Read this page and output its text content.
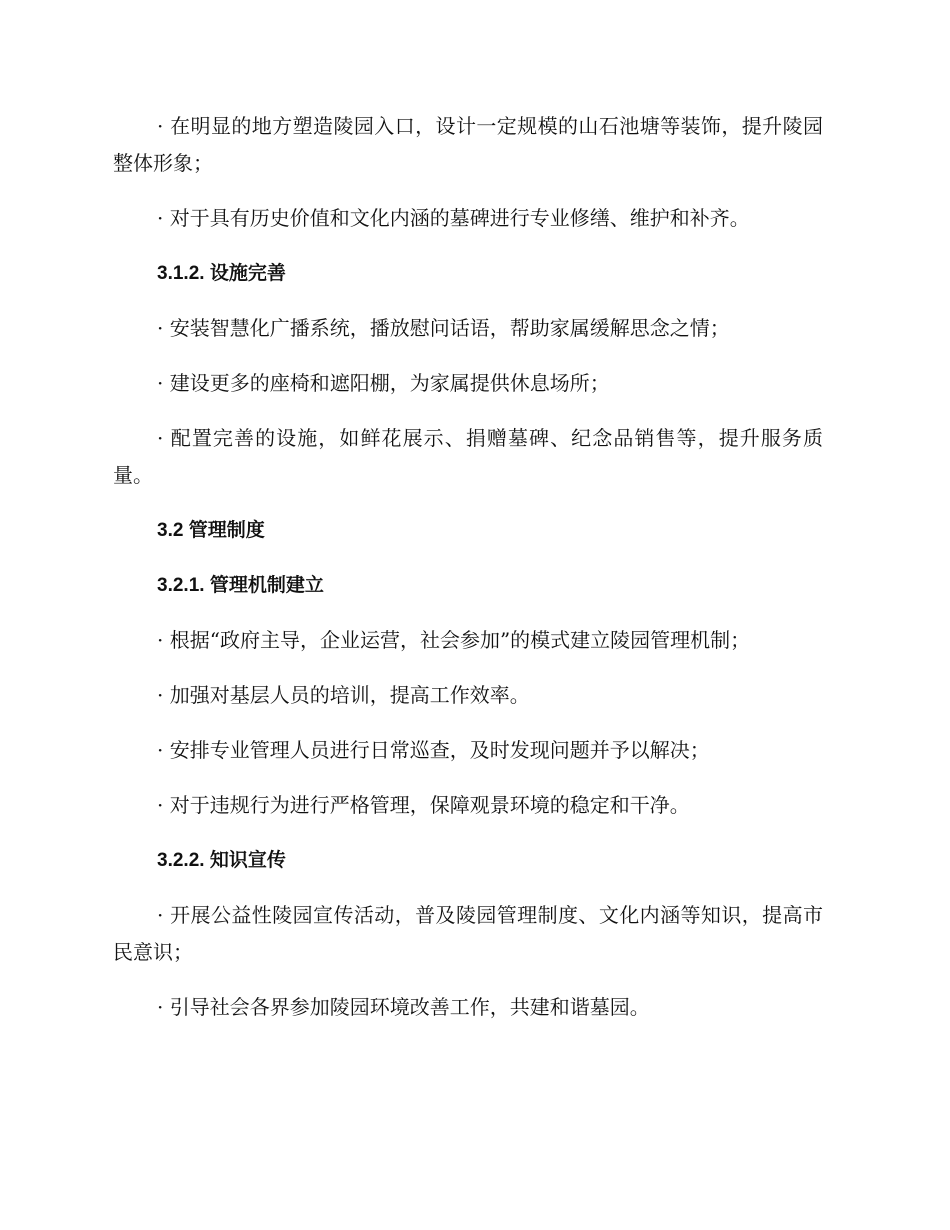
· 在明显的地方塑造陵园入口，设计一定规模的山石池塘等装饰，提升陵园整体形象；

· 对于具有历史价值和文化内涵的墓碑进行专业修缮、维护和补齐。

3.1.2. 设施完善

· 安装智慧化广播系统，播放慰问话语，帮助家属缓解思念之情；

· 建设更多的座椅和遮阳棚，为家属提供休息场所；

· 配置完善的设施，如鲜花展示、捐赠墓碑、纪念品销售等，提升服务质量。

3.2 管理制度
3.2.1. 管理机制建立

· 根据“政府主导，企业运营，社会参加”的模式建立陵园管理机制；

· 加强对基层人员的培训，提高工作效率。

· 安排专业管理人员进行日常巡查，及时发现问题并予以解决；

· 对于违规行为进行严格管理，保障观景环境的稳定和干净。

3.2.2. 知识宣传

· 开展公益性陵园宣传活动，普及陵园管理制度、文化内涵等知识，提高市民意识；

· 引导社会各界参加陵园环境改善工作，共建和谐墓园。
